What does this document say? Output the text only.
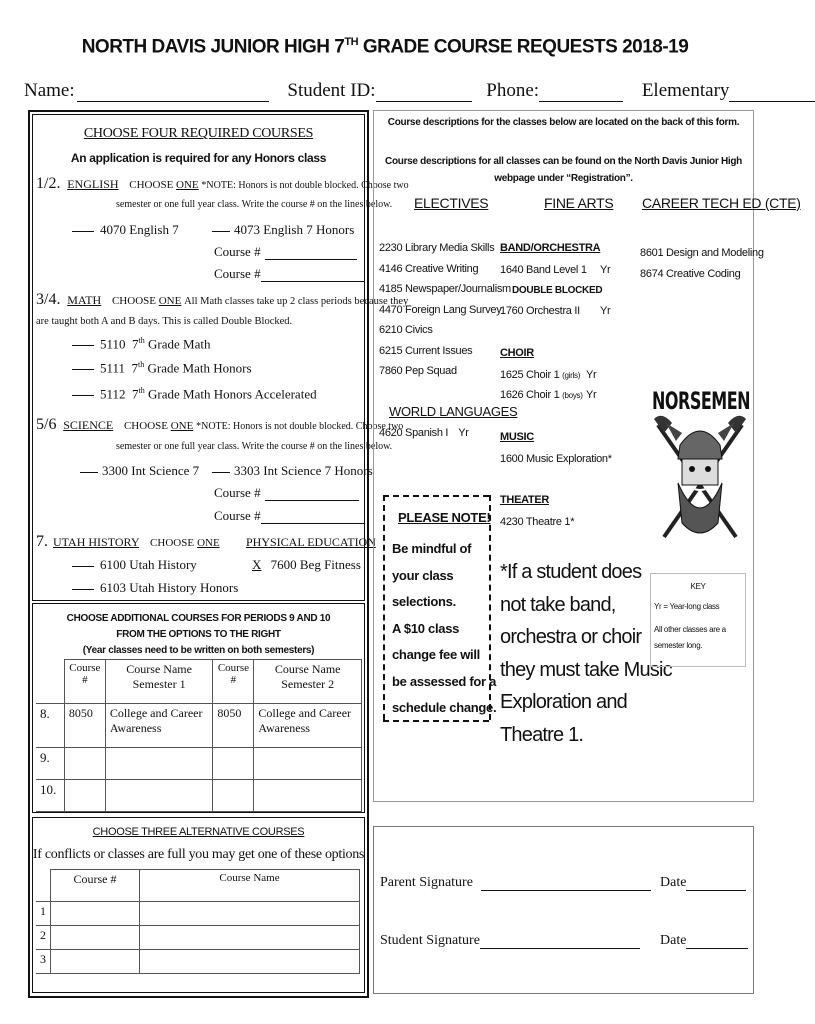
NORTH DAVIS JUNIOR HIGH 7TH GRADE COURSE REQUESTS 2018-19
Name:	Student ID:	Phone:	Elementary
CHOOSE FOUR REQUIRED COURSES
An application is required for any Honors class
1/2. ENGLISH CHOOSE ONE *NOTE: Honors is not double blocked. Choose two
semester or one full year class. Write the course # on the lines below.
4070 English 7	4073 English 7 Honors
Course #
Course #
3/4. MATH CHOOSE ONE All Math classes take up 2 class periods because they
are taught both A and B days. This is called Double Blocked.
5110 7th Grade Math
5111 7th Grade Math Honors
5112 7th Grade Math Honors Accelerated
5/6 SCIENCE CHOOSE ONE *NOTE: Honors is not double blocked. Choose two
semester or one full year class. Write the course # on the lines below.
3300 Int Science 7	3303 Int Science 7 Honors
Course #
Course #
7. UTAH HISTORY CHOOSE ONE PHYSICAL EDUCATION
6100 Utah History	X 7600 Beg Fitness
6103 Utah History Honors
CHOOSE ADDITIONAL COURSES FOR PERIODS 9 AND 10
FROM THE OPTIONS TO THE RIGHT
(Year classes need to be written on both semesters)
	Course #	Course Name Semester 1	Course #	Course Name Semester 2
8.	8050	College and Career Awareness	8050	College and Career Awareness
9.				
10.				
CHOOSE THREE ALTERNATIVE COURSES
If conflicts or classes are full you may get one of these options
	Course #	Course Name
1		
2		
3		
Course descriptions for the classes below are located on the back of this form.
Course descriptions for all classes can be found on the North Davis Junior High
webpage under “Registration”.
ELECTIVES	FINE ARTS CAREER TECH ED (CTE)
2230 Library Media Skills
4146 Creative Writing
4185 Newspaper/Journalism
4470 Foreign Lang Survey
6210 Civics
6215 Current Issues
7860 Pep Squad
WORLD LANGUAGES
4620 Spanish I Yr
BAND/ORCHESTRA
1640 Band Level 1 Yr
DOUBLE BLOCKED
1760 Orchestra II Yr
CHOIR
1625 Choir 1 (girls) Yr
1626 Choir 1 (boys) Yr
MUSIC
1600 Music Exploration*
THEATER
4230 Theatre 1*
8601 Design and Modeling
8674 Creative Coding
NORSEMEN
PLEASE NOTE!
Be mindful of
your class
selections.
A $10 class
change fee will
be assessed for a
schedule change.
*If a student does
not take band,
orchestra or choir
they must take Music
Exploration and
Theatre 1.
KEY
Yr = Year-long class
All other classes are a semester long.
Parent Signature	Date
Student Signature	Date
